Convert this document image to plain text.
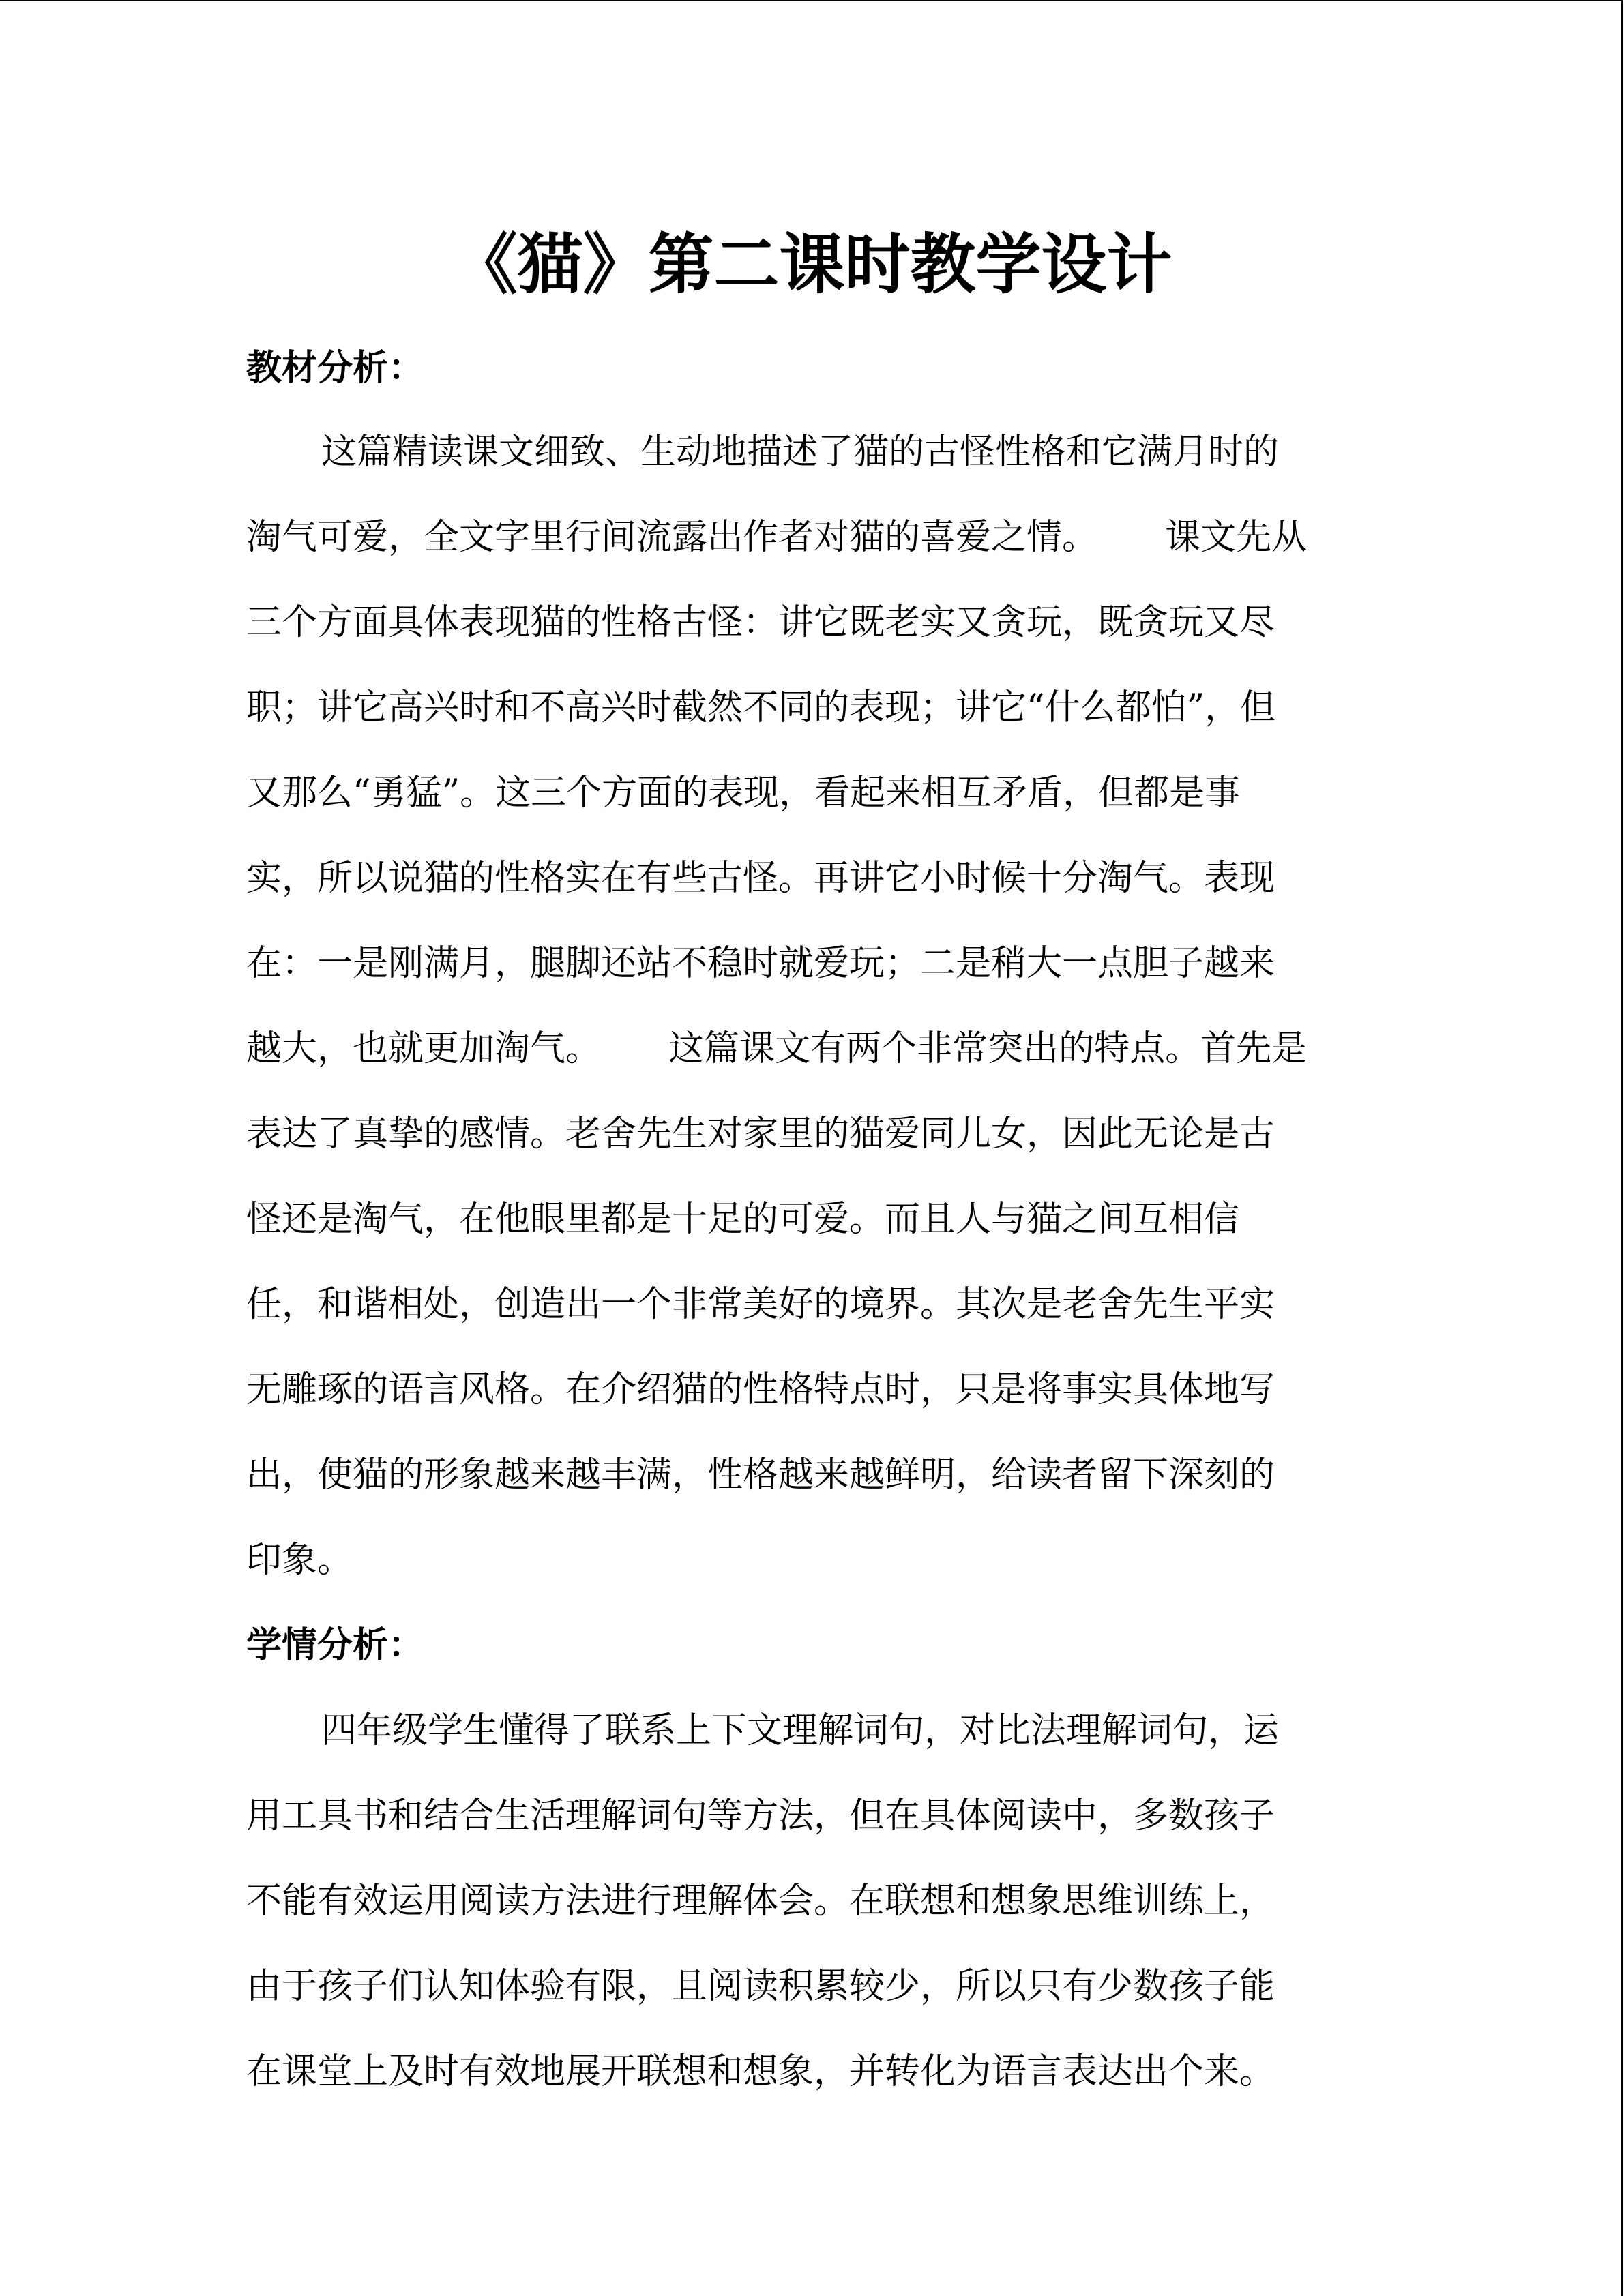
《猫》第二课时教学设计
教材分析：

这篇精读课文细致、生动地描述了猫的古怪性格和它满月时的

淘气可爱，全文字里行间流露出作者对猫的喜爱之情。      课文先从

三个方面具体表现猫的性格古怪：讲它既老实又贪玩，既贪玩又尽

职；讲它高兴时和不高兴时截然不同的表现；讲它“什么都怕”，但

又那么“勇猛”。这三个方面的表现，看起来相互矛盾，但都是事

实，所以说猫的性格实在有些古怪。再讲它小时候十分淘气。表现

在：一是刚满月，腿脚还站不稳时就爱玩；二是稍大一点胆子越来

越大，也就更加淘气。      这篇课文有两个非常突出的特点。首先是

表达了真挚的感情。老舍先生对家里的猫爱同儿女，因此无论是古

怪还是淘气，在他眼里都是十足的可爱。而且人与猫之间互相信

任，和谐相处，创造出一个非常美好的境界。其次是老舍先生平实

无雕琢的语言风格。在介绍猫的性格特点时，只是将事实具体地写

出，使猫的形象越来越丰满，性格越来越鲜明，给读者留下深刻的

印象。

学情分析：

四年级学生懂得了联系上下文理解词句，对比法理解词句，运

用工具书和结合生活理解词句等方法，但在具体阅读中，多数孩子

不能有效运用阅读方法进行理解体会。在联想和想象思维训练上，

由于孩子们认知体验有限，且阅读积累较少，所以只有少数孩子能

在课堂上及时有效地展开联想和想象，并转化为语言表达出个来。
